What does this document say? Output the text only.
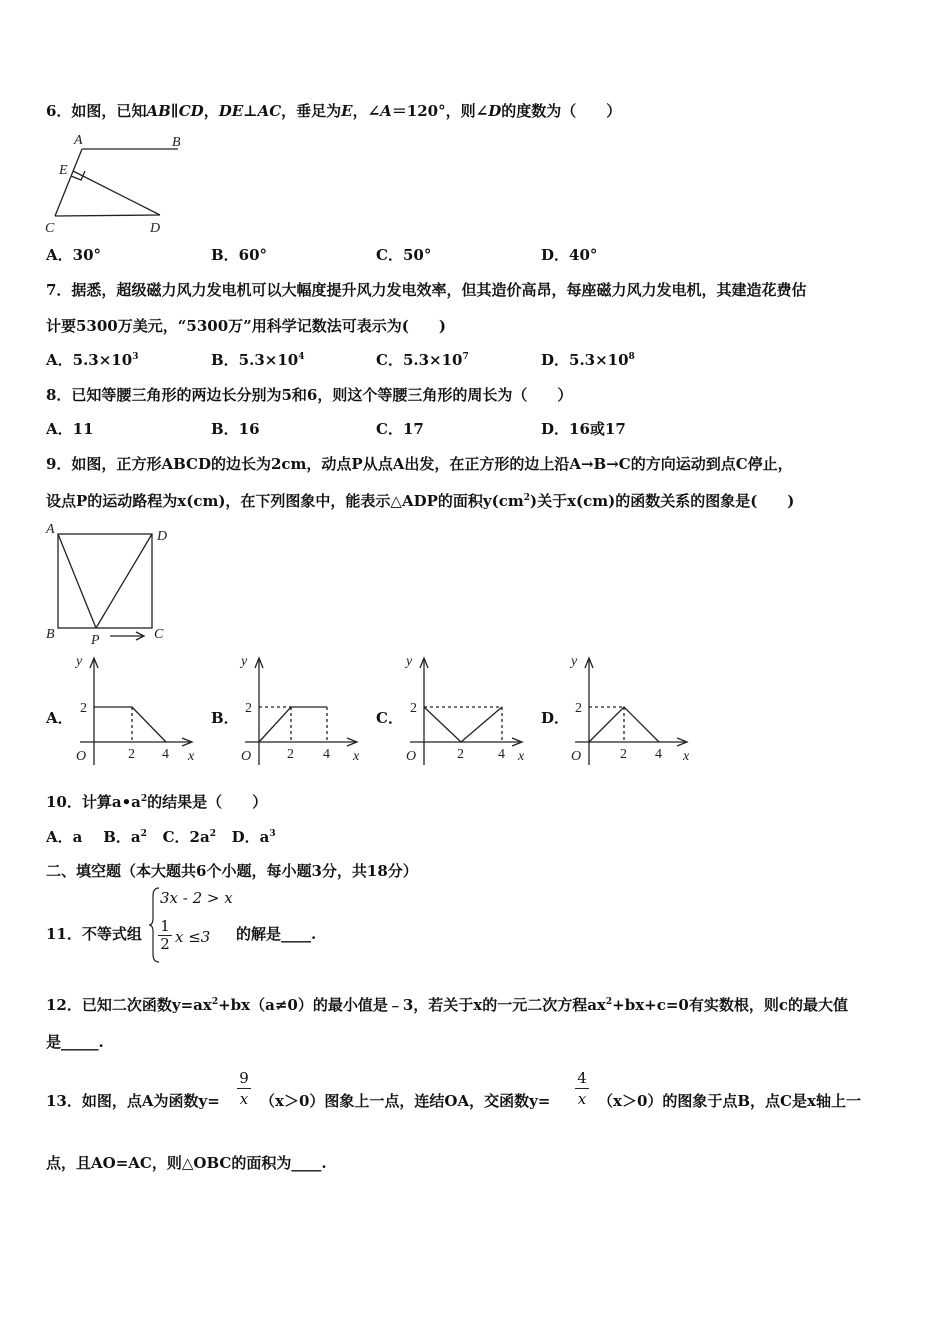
6．如图，已知AB∥CD，DE⊥AC，垂足为E，∠A＝120°，则∠D的度数为（　　）
A	B
E
C	D
A．30°	B．60°	C．50°	D．40°
7．据悉，超级磁力风力发电机可以大幅度提升风力发电效率，但其造价高昂，每座磁力风力发电机，其建造花费估
计要5300万美元，“5300万”用科学记数法可表示为(　　)
A．$5.3\times 10^3$	B．$5.3\times 10^4$	C．$5.3\times 10^7$	D．$5.3\times 10^8$
8．已知等腰三角形的两边长分别为5和6，则这个等腰三角形的周长为（　　）
A．11	B．16	C．17	D．16或17
9．如图，正方形ABCD的边长为2cm，动点P从点A出发，在正方形的边上沿A→B→C的方向运动到点C停止，
设点P的运动路程为x(cm)，在下列图象中，能表示△ADP的面积$y(cm^2)$关于x(cm)的函数关系的图象是(　　)
A	D
B	P	C
A．	B．	C．	D．
y
2
O	2 4 x
y
2
O	2 4 x
y
2
O	2 4 x
y
2
O	2 4 x
10．计算$a•a^2$的结果是（　　）
A．a B．$a^2$ C．$2a^2$ D．$a^3$
二、填空题（本大题共6个小题，每小题3分，共18分）
11．不等式组
3x - 2 > x
$\frac{1}{2}$ x ≤3 的解是____.
12．已知二次函数$y=ax^2+bx(a\ne 0)$的最小值是﹣3，若关于x的一元二次方程$ax^2+bx+c=0$有实数根，则c的最大值
是_____.
13．如图，点A为函数$y= \frac{9}{x} (x>0)$图象上一点，连结OA，交函数$y= \frac{4}{x} (x>0)$的图象于点B，点C是x轴上一
点，且AO=AC，则△OBC的面积为____.
